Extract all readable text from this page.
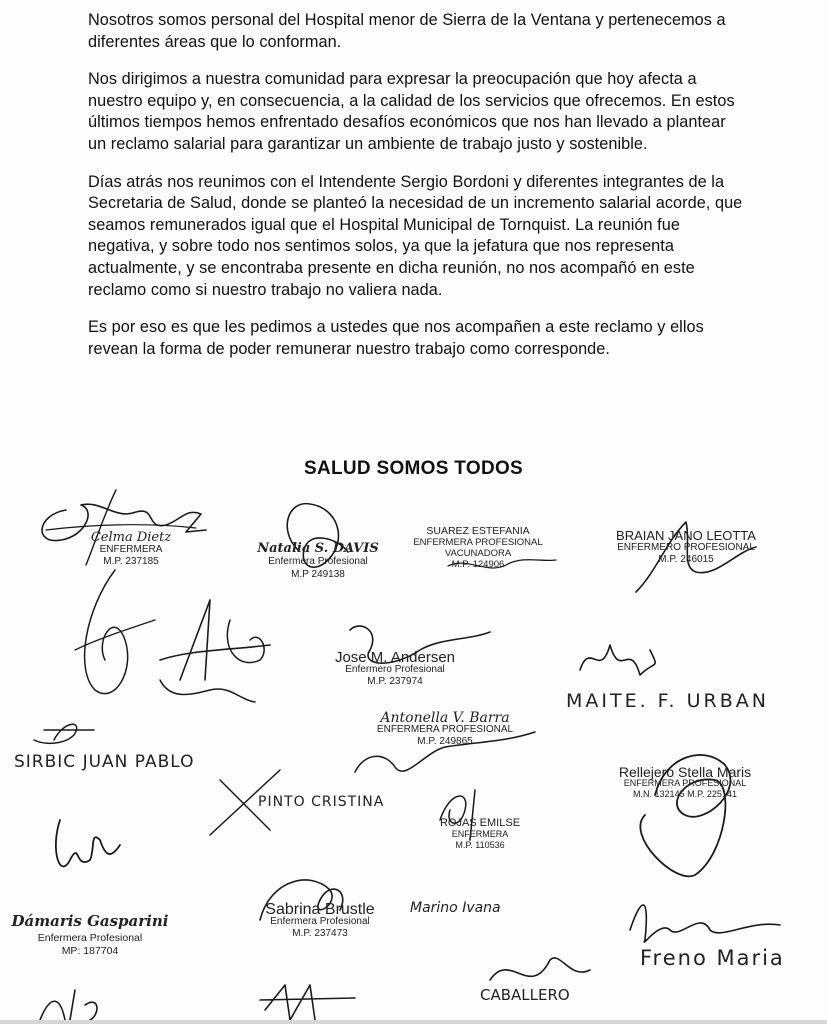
Nosotros somos personal del Hospital menor de Sierra de la Ventana y pertenecemos a diferentes áreas que lo conforman.

Nos dirigimos a nuestra comunidad para expresar la preocupación que hoy afecta a nuestro equipo y, en consecuencia, a la calidad de los servicios que ofrecemos. En estos últimos tiempos hemos enfrentado desafíos económicos que nos han llevado a plantear un reclamo salarial para garantizar un ambiente de trabajo justo y sostenible.

Días atrás nos reunimos con el Intendente Sergio Bordoni y diferentes integrantes de la Secretaria de Salud, donde se planteó la necesidad de un incremento salarial acorde, que seamos remunerados igual que el Hospital Municipal de Tornquist. La reunión fue negativa, y sobre todo nos sentimos solos, ya que la jefatura que nos representa actualmente, y se encontraba presente en dicha reunión, no nos acompañó en este reclamo como si nuestro trabajo no valiera nada.

Es por eso es que les pedimos a ustedes que nos acompañen a este reclamo y ellos revean la forma de poder remunerar nuestro trabajo como corresponde.

SALUD SOMOS TODOS
Celma Dietz
ENFERMERA
M.P. 237185
Natalia S. DAVIS
Enfermera Profesional
M.P 249138
SUAREZ ESTEFANIA
ENFERMERA PROFESIONAL
VACUNADORA
M.P. 124906
BRAIAN JANO LEOTTA
ENFERMERO PROFESIONAL
M.P. 246015
Jose M. Andersen
Enfermero Profesional
M.P. 237974
MAITE. F. URBAN
Antonella V. Barra
ENFERMERA PROFESIONAL
M.P. 249865
SIRBIC JUAN PABLO
PINTO CRISTINA
ROJAS EMILSE
ENFERMERA
M.P. 110536
Rellejero Stella Maris
ENFERMERA PROFESIONAL
M.N. 132145 M.P. 225141
Dámaris Gasparini
Enfermera Profesional
MP: 187704
Sabrina Brustle
Enfermera Profesional
M.P. 237473
Marino Ivana
Freno Maria
CABALLERO
